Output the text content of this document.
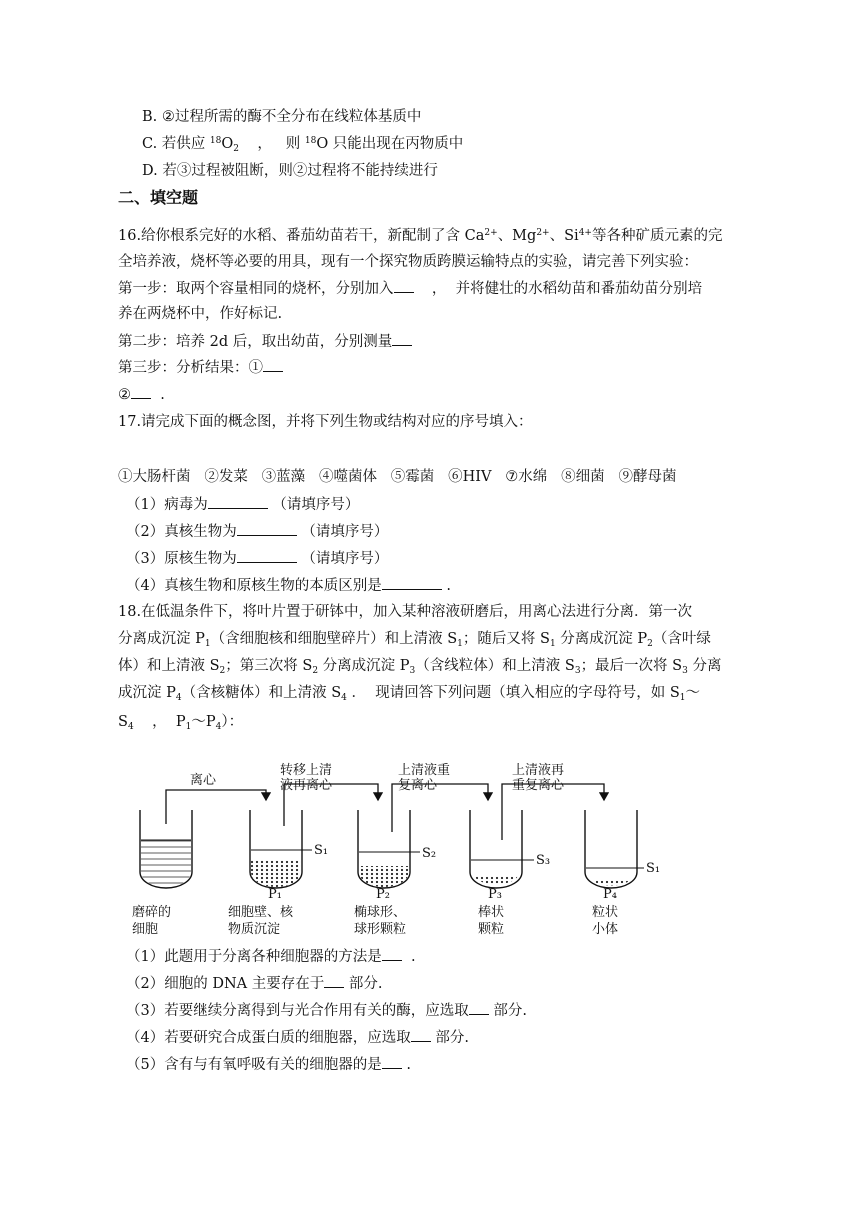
B. ②过程所需的酶不全分布在线粒体基质中
C. 若供应 $^{18}O_2$    ，   则 $^{18}$O 只能出现在丙物质中
D. 若③过程被阻断，则②过程将不能持续进行
二、填空题
16.给你根系完好的水稻、番茄幼苗若干，新配制了含 $Ca^{2+}$、$Mg^{2+}$、$Si^{4+}$等各种矿质元素的完
全培养液，烧杯等必要的用具，现有一个探究物质跨膜运输特点的实验，请完善下列实验：
第一步：取两个容量相同的烧杯，分别加入    ，  并将健壮的水稻幼苗和番茄幼苗分别培
养在两烧杯中，作好标记.
第二步：培养 2d 后，取出幼苗，分别测量
第三步：分析结果：①
②  .
17.请完成下面的概念图，并将下列生物或结构对应的序号填入：
①大肠杆菌   ②发菜   ③蓝藻   ④噬菌体   ⑤霉菌   ⑥HIV   ⑦水绵   ⑧细菌   ⑨酵母菌
（1）病毒为	（请填序号）
（2）真核生物为	（请填序号）
（3）原核生物为	（请填序号）
（4）真核生物和原核生物的本质区别是	.
18.在低温条件下，将叶片置于研钵中，加入某种溶液研磨后，用离心法进行分离．第一次
分离成沉淀 $P_1$（含细胞核和细胞壁碎片）和上清液 $S_1$；随后又将 $S_1$ 分离成沉淀 $P_2$（含叶绿
体）和上清液 $S_2$；第三次将 $S_2$ 分离成沉淀 $P_3$（含线粒体）和上清液 $S_3$；最后一次将 $S_3$ 分离
成沉淀 $P_4$（含核糖体）和上清液 $S_4$ ．  现请回答下列问题（填入相应的字母符号，如 $S_1\sim$
$S_4$    ，  $P_1\sim P_4$）：
离心
转移上清
液再离心
上清液重
复离心
上清液再
重复离心
S₁	S₂	S₃
S₁
P₁	P₂	P₃	P₄
磨碎的
细胞
细胞壁、核
物质沉淀
椭球形、
球形颗粒
棒状
颗粒
粒状
小体
（1）此题用于分离各种细胞器的方法是  .
（2）细胞的 DNA 主要存在于 部分.
（3）若要继续分离得到与光合作用有关的酶，应选取 部分.
（4）若要研究合成蛋白质的细胞器，应选取 部分.
（5）含有与有氧呼吸有关的细胞器的是 .
